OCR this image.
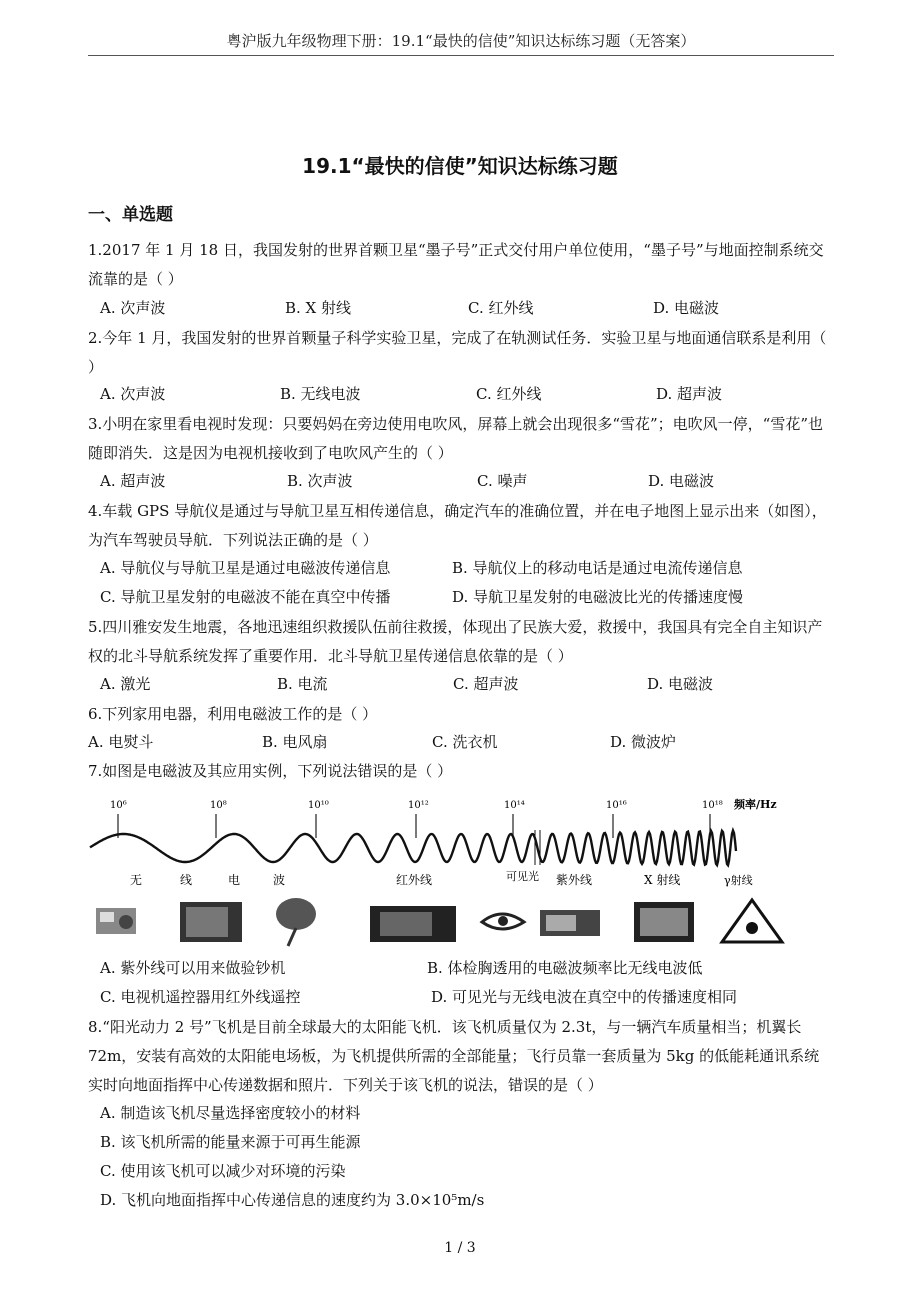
粤沪版九年级物理下册：19.1“最快的信使”知识达标练习题（无答案）
19.1“最快的信使”知识达标练习题
一、单选题
1.2017 年 1 月 18 日，我国发射的世界首颗卫星“墨子号”正式交付用户单位使用，“墨子号”与地面控制系统交流靠的是（ ）
A. 次声波	B. X 射线	C. 红外线	D. 电磁波
2.今年 1 月，我国发射的世界首颗量子科学实验卫星，完成了在轨测试任务．实验卫星与地面通信联系是利用（ ）
A. 次声波	B. 无线电波	C. 红外线	D. 超声波
3.小明在家里看电视时发现：只要妈妈在旁边使用电吹风，屏幕上就会出现很多“雪花”；电吹风一停，“雪花”也随即消失．这是因为电视机接收到了电吹风产生的（ ）
A. 超声波	B. 次声波	C. 噪声	D. 电磁波
4.车载 GPS 导航仪是通过与导航卫星互相传递信息，确定汽车的准确位置，并在电子地图上显示出来（如图），为汽车驾驶员导航．下列说法正确的是（ ）
A. 导航仪与导航卫星是通过电磁波传递信息	B. 导航仪上的移动电话是通过电流传递信息
C. 导航卫星发射的电磁波不能在真空中传播	D. 导航卫星发射的电磁波比光的传播速度慢
5.四川雅安发生地震，各地迅速组织救援队伍前往救援，体现出了民族大爱，救援中，我国具有完全自主知识产权的北斗导航系统发挥了重要作用．北斗导航卫星传递信息依靠的是（ ）
A. 激光	B. 电流	C. 超声波	D. 电磁波
6.下列家用电器，利用电磁波工作的是（ ）
A. 电熨斗	B. 电风扇	C. 洗衣机	D. 微波炉
7.如图是电磁波及其应用实例，下列说法错误的是（ ）
10⁶	10⁸	10¹⁰	10¹²	10¹⁴	10¹⁶	10¹⁸ 频率/Hz
无	线	电	波	红外线	可见光 紫外线	X 射线	γ射线
A. 紫外线可以用来做验钞机	B. 体检胸透用的电磁波频率比无线电波低
C. 电视机遥控器用红外线遥控	D. 可见光与无线电波在真空中的传播速度相同
8.“阳光动力 2 号”飞机是目前全球最大的太阳能飞机．该飞机质量仅为 2.3t，与一辆汽车质量相当；机翼长 72m，安装有高效的太阳能电场板，为飞机提供所需的全部能量；飞行员靠一套质量为 5kg 的低能耗通讯系统实时向地面指挥中心传递数据和照片．下列关于该飞机的说法，错误的是（ ）
A. 制造该飞机尽量选择密度较小的材料
B. 该飞机所需的能量来源于可再生能源
C. 使用该飞机可以减少对环境的污染
D. 飞机向地面指挥中心传递信息的速度约为 3.0×10⁵m/s
1 / 3
